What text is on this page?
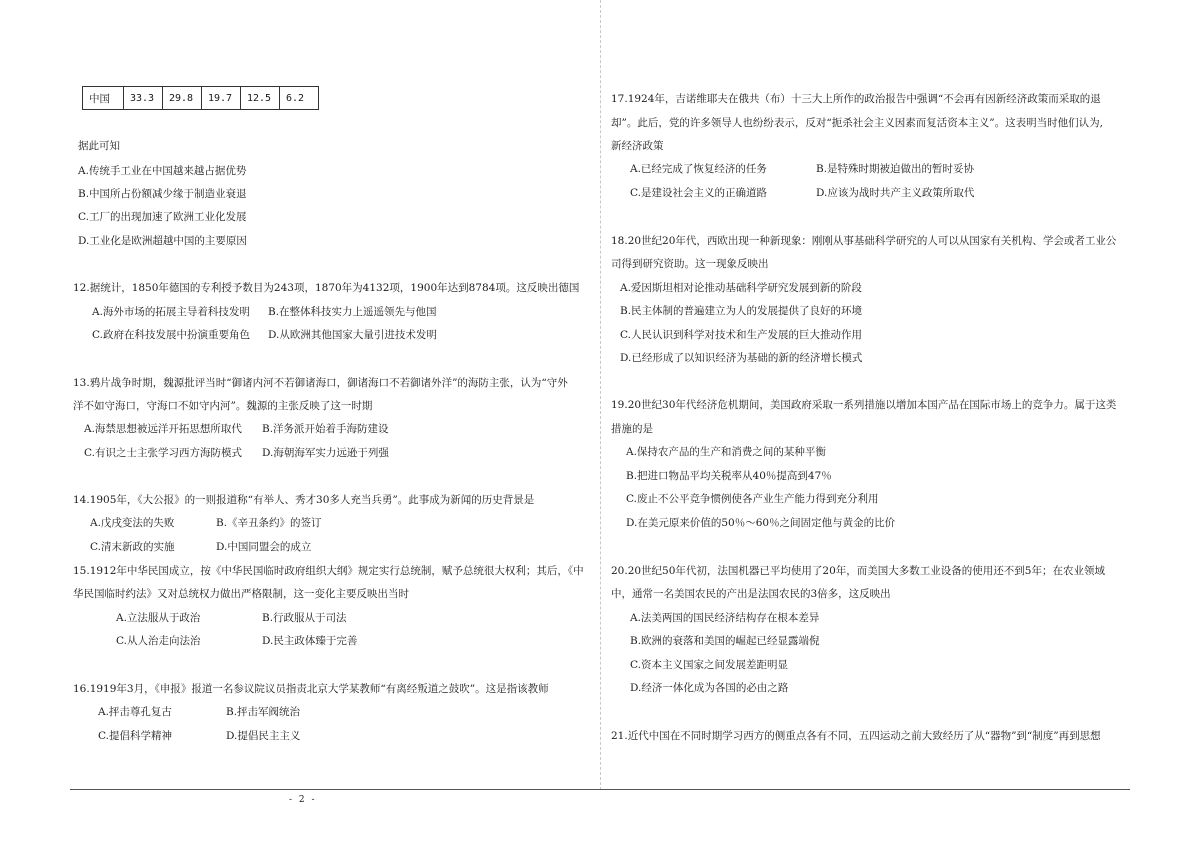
中国	33.3	29.8	19.7	12.5	6.2
据此可知
A.传统手工业在中国越来越占据优势
B.中国所占份额减少缘于制造业衰退
C.工厂的出现加速了欧洲工业化发展
D.工业化是欧洲超越中国的主要原因
12.据统计，1850年德国的专利授予数目为243项，1870年为4132项，1900年达到8784项。这反映出德国
A.海外市场的拓展主导着科技发明 B.在整体科技实力上遥遥领先与他国
C.政府在科技发展中扮演重要角色 D.从欧洲其他国家大量引进技术发明
13.鸦片战争时期，魏源批评当时“御诸内河不若御诸海口，御诸海口不若御诸外洋”的海防主张，认为“守外
洋不如守海口，守海口不如守内河”。魏源的主张反映了这一时期
A.海禁思想被远洋开拓思想所取代 B.洋务派开始着手海防建设
C.有识之士主张学习西方海防模式 D.海朝海军实力远逊于列强
14.1905年，《大公报》的一则报道称“有举人、秀才30多人充当兵勇”。此事成为新闻的历史背景是
A.戊戌变法的失败	B.《辛丑条约》的签订
C.清末新政的实施	D.中国同盟会的成立
15.1912年中华民国成立，按《中华民国临时政府组织大纲》规定实行总统制，赋予总统很大权利；其后，《中
华民国临时约法》又对总统权力做出严格限制，这一变化主要反映出当时
A.立法服从于政治	B.行政服从于司法
C.从人治走向法治	D.民主政体臻于完善
16.1919年3月，《申报》报道一名参议院议员指责北京大学某教师“有离经叛道之鼓吹”。这是指该教师
A.抨击尊孔复古	B.抨击军阀统治
C.提倡科学精神	D.提倡民主主义
17.1924年，吉诺维耶夫在俄共（布）十三大上所作的政治报告中强调“不会再有因新经济政策而采取的退
却”。此后，党的许多领导人也纷纷表示，反对“扼杀社会主义因素而复活资本主义”。这表明当时他们认为,
新经济政策
A.已经完成了恢复经济的任务	B.是特殊时期被迫做出的暂时妥协
C.是建设社会主义的正确道路	D.应该为战时共产主义政策所取代
18.20世纪20年代，西欧出现一种新现象：刚刚从事基础科学研究的人可以从国家有关机构、学会或者工业公
司得到研究资助。这一现象反映出
A.爱因斯坦相对论推动基础科学研究发展到新的阶段
B.民主体制的普遍建立为人的发展提供了良好的环境
C.人民认识到科学对技术和生产发展的巨大推动作用
D.已经形成了以知识经济为基础的新的经济增长模式
19.20世纪30年代经济危机期间，美国政府采取一系列措施以增加本国产品在国际市场上的竞争力。属于这类
措施的是
A.保持农产品的生产和消费之间的某种平衡
B.把进口物品平均关税率从40％提高到47％
C.废止不公平竞争惯例使各产业生产能力得到充分利用
D.在美元原来价值的50％～60％之间固定他与黄金的比价
20.20世纪50年代初，法国机器已平均使用了20年，而美国大多数工业设备的使用还不到5年；在农业领域
中，通常一名美国农民的产出是法国农民的3倍多，这反映出
A.法美两国的国民经济结构存在根本差异
B.欧洲的衰落和美国的崛起已经显露端倪
C.资本主义国家之间发展差距明显
D.经济一体化成为各国的必由之路
21.近代中国在不同时期学习西方的侧重点各有不同，五四运动之前大致经历了从“器物”到“制度”再到思想
- 2 -
